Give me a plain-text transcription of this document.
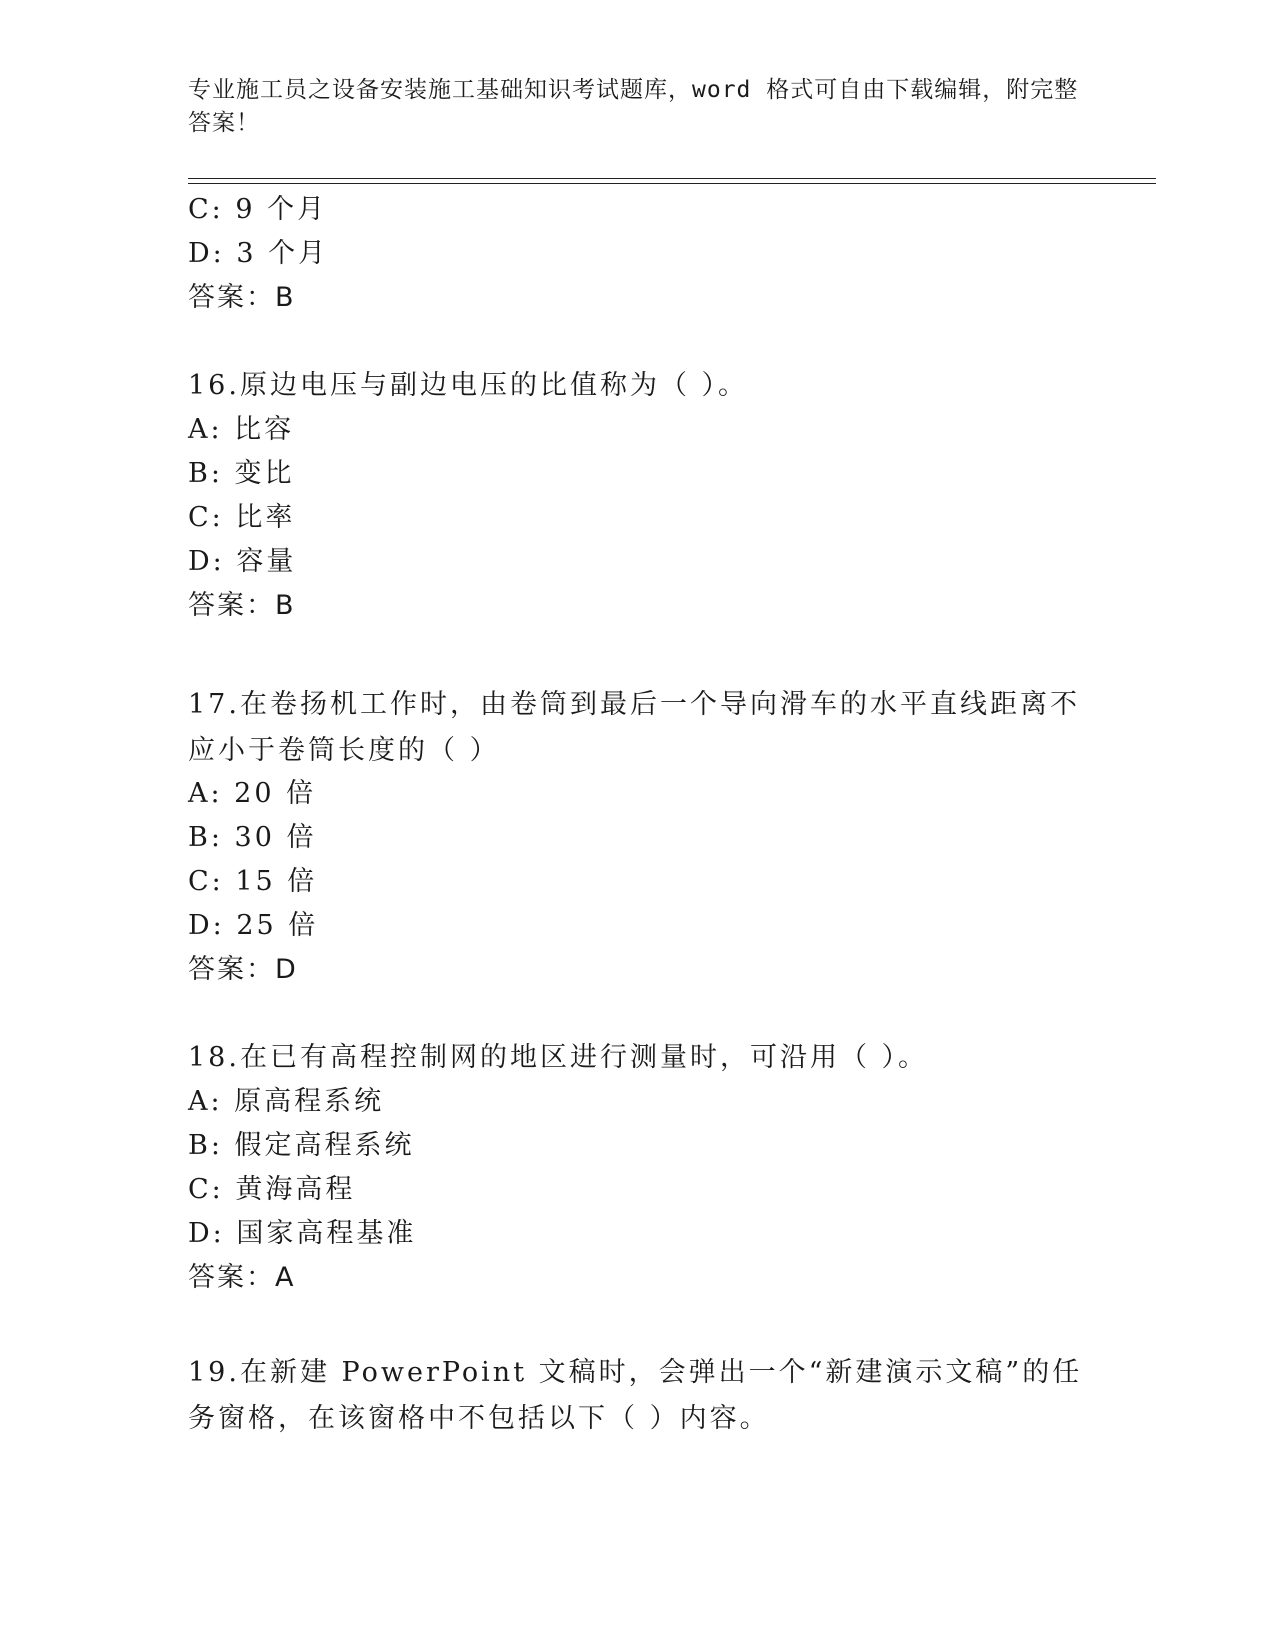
专业施工员之设备安装施工基础知识考试题库，word 格式可自由下载编辑，附完整答案！
C: 9 个月
D: 3 个月
答案：B
16.原边电压与副边电压的比值称为（ ）。
A: 比容
B: 变比
C: 比率
D: 容量
答案：B
17.在卷扬机工作时，由卷筒到最后一个导向滑车的水平直线距离不应小于卷筒长度的（ ）
A: 20 倍
B: 30 倍
C: 15 倍
D: 25 倍
答案：D
18.在已有高程控制网的地区进行测量时，可沿用（ ）。
A: 原高程系统
B: 假定高程系统
C: 黄海高程
D: 国家高程基准
答案：A
19.在新建 PowerPoint 文稿时，会弹出一个“新建演示文稿”的任务窗格，在该窗格中不包括以下（ ）内容。
